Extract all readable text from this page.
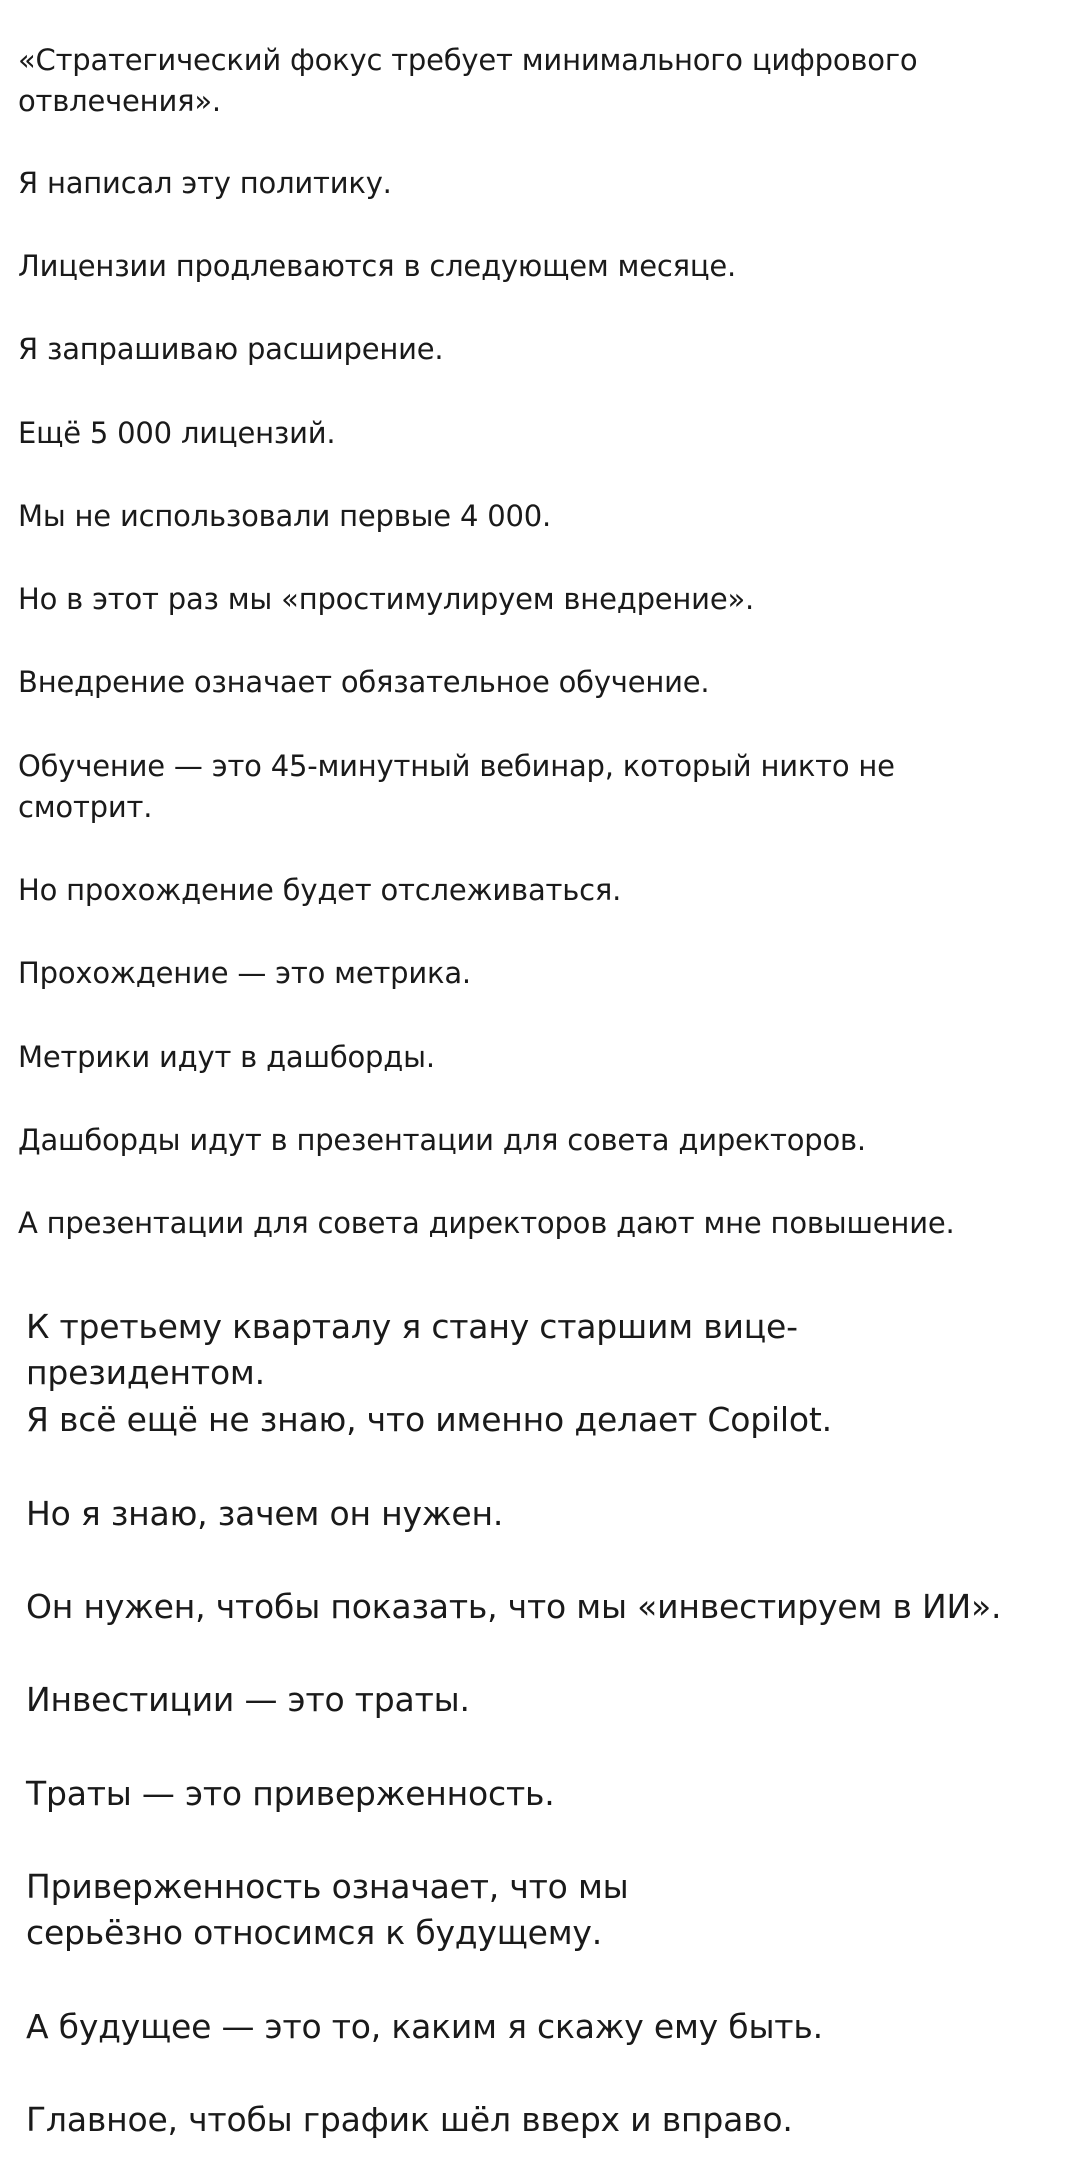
«Стратегический фокус требует минимального цифрового
отвлечения».

Я написал эту политику.

Лицензии продлеваются в следующем месяце.

Я запрашиваю расширение.

Ещё 5 000 лицензий.

Мы не использовали первые 4 000.

Но в этот раз мы «простимулируем внедрение».

Внедрение означает обязательное обучение.

Обучение — это 45-минутный вебинар, который никто не
смотрит.

Но прохождение будет отслеживаться.

Прохождение — это метрика.

Метрики идут в дашборды.

Дашборды идут в презентации для совета директоров.

А презентации для совета директоров дают мне повышение.

К третьему кварталу я стану старшим вице-президентом.

Я всё ещё не знаю, что именно делает Copilot.

Но я знаю, зачем он нужен.

Он нужен, чтобы показать, что мы «инвестируем в ИИ».

Инвестиции — это траты.

Траты — это приверженность.

Приверженность означает, что мы
серьёзно относимся к будущему.

А будущее — это то, каким я скажу ему быть.

Главное, чтобы график шёл вверх и вправо.
